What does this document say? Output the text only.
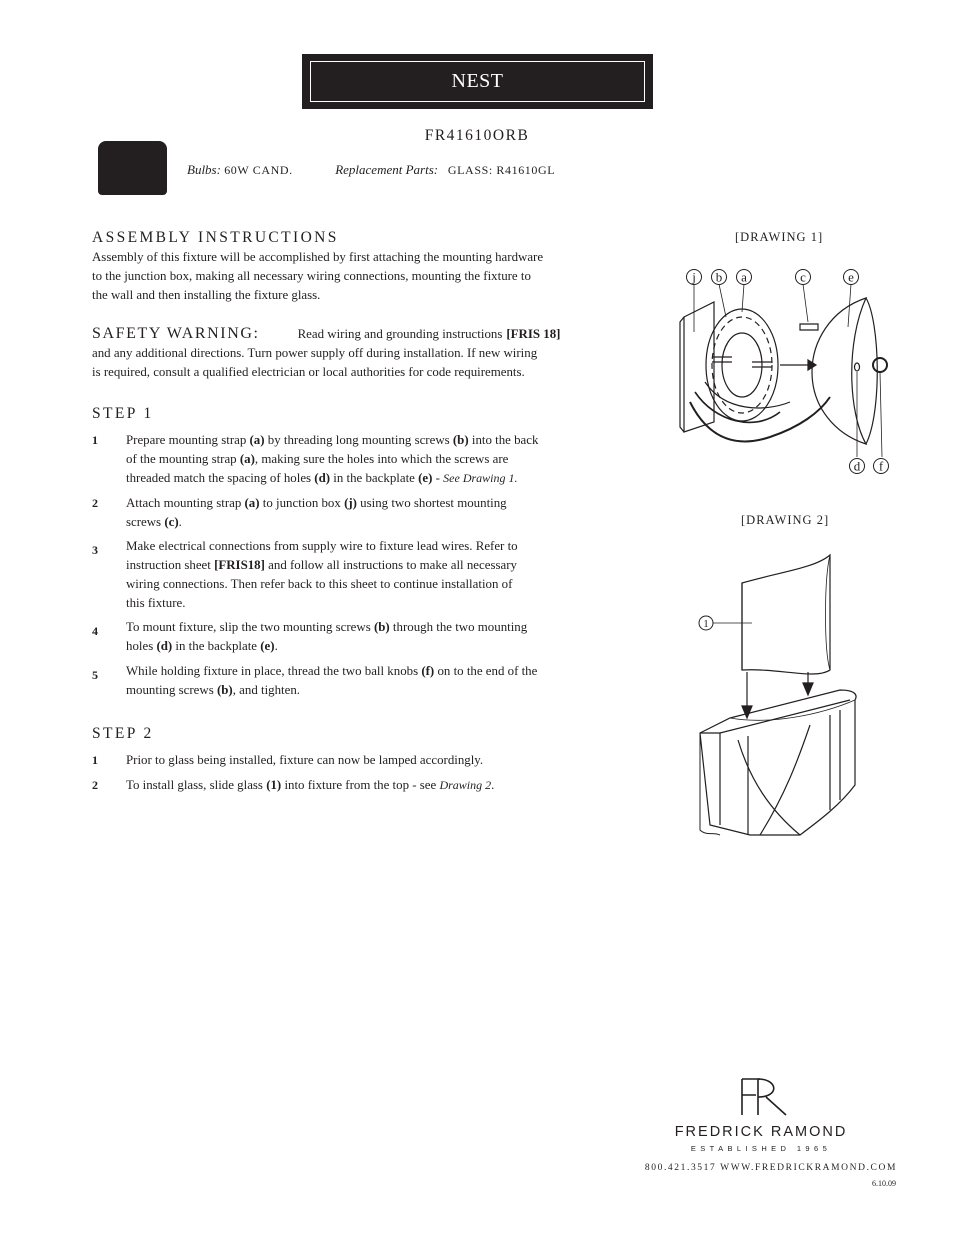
NEST
FR41610ORB
Bulbs: 60W CAND.	Replacement Parts: GLASS: R41610GL
ASSEMBLY INSTRUCTIONS
Assembly of this fixture will be accomplished by first attaching the mounting hardware
to the junction box, making all necessary wiring connections, mounting the fixture to
the wall and then installing the fixture glass.
SAFETY WARNING:	Read wiring and grounding instructions [FRIS 18]
and any additional directions. Turn power supply off during installation. If new wiring
is required, consult a qualified electrician or local authorities for code requirements.
STEP 1
1 Prepare mounting strap (a) by threading long mounting screws (b) into the back
of the mounting strap (a), making sure the holes into which the screws are
threaded match the spacing of holes (d) in the backplate (e) - See Drawing 1.
2 Attach mounting strap (a) to junction box (j) using two shortest mounting
screws (c).
3 Make electrical connections from supply wire to fixture lead wires. Refer to
instruction sheet [FRIS18] and follow all instructions to make all necessary
wiring connections. Then refer back to this sheet to continue installation of
this fixture.
4 To mount fixture, slip the two mounting screws (b) through the two mounting
holes (d) in the backplate (e).
5 While holding fixture in place, thread the two ball knobs (f) on to the end of the
mounting screws (b), and tighten.
STEP 2
1 Prior to glass being installed, fixture can now be lamped accordingly.
2 To install glass, slide glass (1) into fixture from the top - see Drawing 2.
[DRAWING 1]
j b a	c	e
d f
[DRAWING 2]
1
FREDRICK RAMOND
ESTABLISHED 1965
800.421.3517 WWW.FREDRICKRAMOND.COM
6.10.09
